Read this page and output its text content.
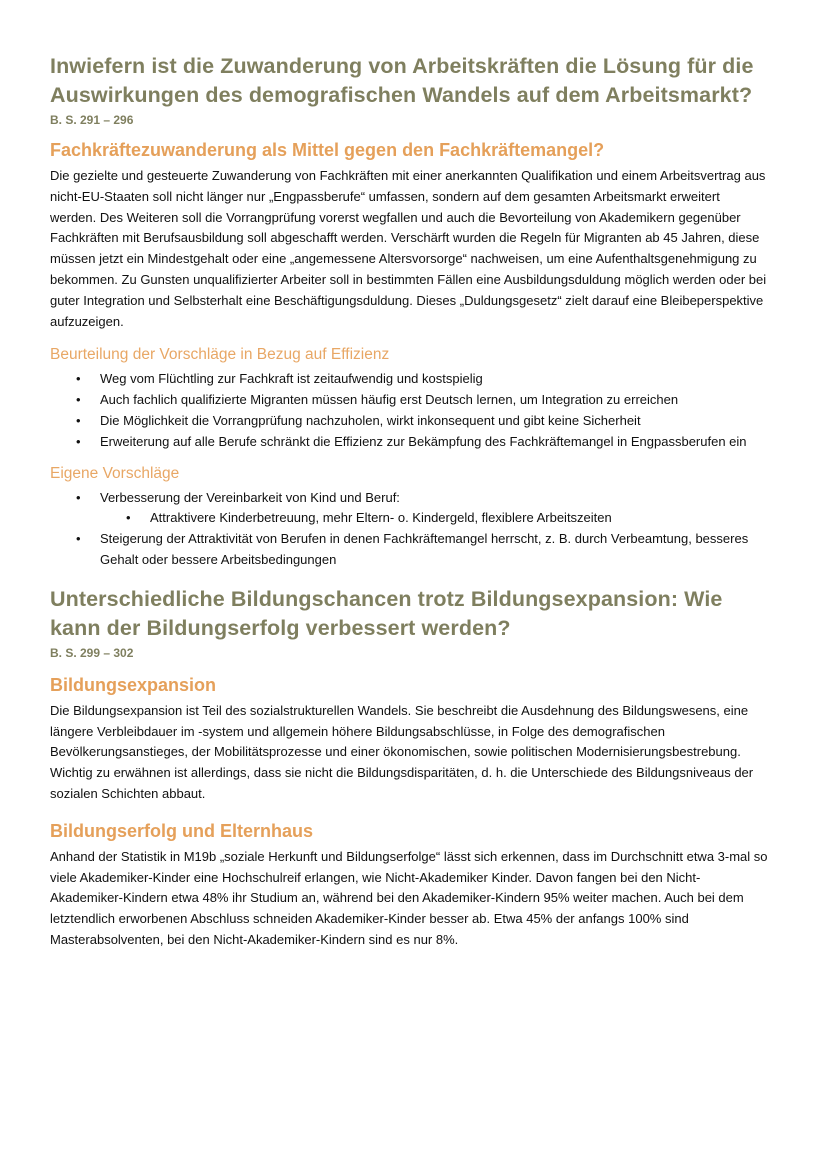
Inwiefern ist die Zuwanderung von Arbeitskräften die Lösung für die Auswirkungen des demografischen Wandels auf dem Arbeitsmarkt?
B. S. 291 – 296
Fachkräftezuwanderung als Mittel gegen den Fachkräftemangel?

Die gezielte und gesteuerte Zuwanderung von Fachkräften mit einer anerkannten Qualifikation und einem Arbeitsvertrag aus nicht-EU-Staaten soll nicht länger nur „Engpassberufe“ umfassen, sondern auf dem gesamten Arbeitsmarkt erweitert werden. Des Weiteren soll die Vorrangprüfung vorerst wegfallen und auch die Bevorteilung von Akademikern gegenüber Fachkräften mit Berufsausbildung soll abgeschafft werden. Verschärft wurden die Regeln für Migranten ab 45 Jahren, diese müssen jetzt ein Mindestgehalt oder eine „angemessene Altersvorsorge“ nachweisen, um eine Aufenthaltsgenehmigung zu bekommen. Zu Gunsten unqualifizierter Arbeiter soll in bestimmten Fällen eine Ausbildungsduldung möglich werden oder bei guter Integration und Selbsterhalt eine Beschäftigungsduldung. Dieses „Duldungsgesetz“ zielt darauf eine Bleibeperspektive aufzuzeigen.

Beurteilung der Vorschläge in Bezug auf Effizienz
• Weg vom Flüchtling zur Fachkraft ist zeitaufwendig und kostspielig
• Auch fachlich qualifizierte Migranten müssen häufig erst Deutsch lernen, um Integration zu erreichen
• Die Möglichkeit die Vorrangprüfung nachzuholen, wirkt inkonsequent und gibt keine Sicherheit
• Erweiterung auf alle Berufe schränkt die Effizienz zur Bekämpfung des Fachkräftemangel in Engpassberufen ein
Eigene Vorschläge
• Verbesserung der Vereinbarkeit von Kind und Beruf:
• Attraktivere Kinderbetreuung, mehr Eltern- o. Kindergeld, flexiblere Arbeitszeiten
• Steigerung der Attraktivität von Berufen in denen Fachkräftemangel herrscht, z. B. durch Verbeamtung, besseres Gehalt oder bessere Arbeitsbedingungen
Unterschiedliche Bildungschancen trotz Bildungsexpansion: Wie kann der Bildungserfolg verbessert werden?
B. S. 299 – 302
Bildungsexpansion

Die Bildungsexpansion ist Teil des sozialstrukturellen Wandels. Sie beschreibt die Ausdehnung des Bildungswesens, eine längere Verbleibdauer im -system und allgemein höhere Bildungsabschlüsse, in Folge des demografischen Bevölkerungsanstieges, der Mobilitätsprozesse und einer ökonomischen, sowie politischen Modernisierungsbestrebung. Wichtig zu erwähnen ist allerdings, dass sie nicht die Bildungsdisparitäten, d. h. die Unterschiede des Bildungsniveaus der sozialen Schichten abbaut.

Bildungserfolg und Elternhaus

Anhand der Statistik in M19b „soziale Herkunft und Bildungserfolge“ lässt sich erkennen, dass im Durchschnitt etwa 3-mal so viele Akademiker-Kinder eine Hochschulreif erlangen, wie Nicht-Akademiker Kinder. Davon fangen bei den Nicht-Akademiker-Kindern etwa 48% ihr Studium an, während bei den Akademiker-Kindern 95% weiter machen. Auch bei dem letztendlich erworbenen Abschluss schneiden Akademiker-Kinder besser ab. Etwa 45% der anfangs 100% sind Masterabsolventen, bei den Nicht-Akademiker-Kindern sind es nur 8%.
